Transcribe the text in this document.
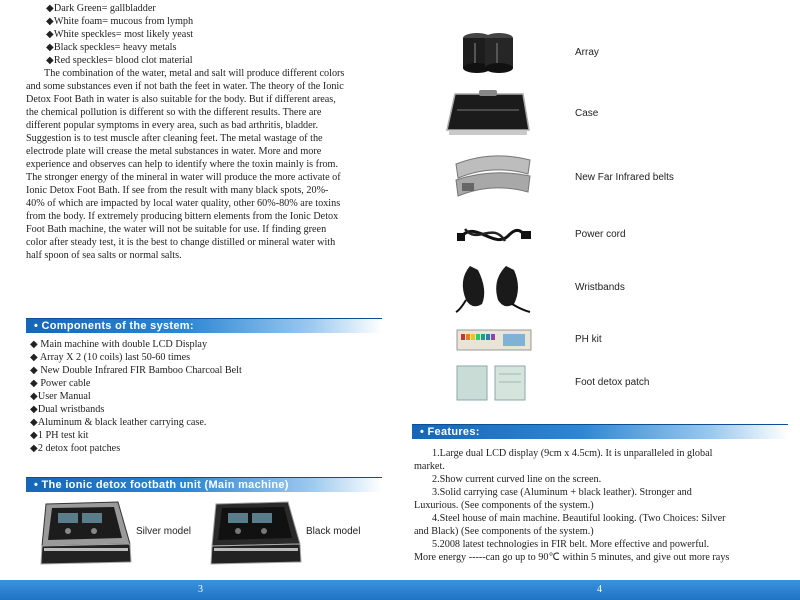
◆Dark Green= gallbladder
◆White foam= mucous from lymph
◆White speckles= most likely yeast
◆Black speckles= heavy metals
◆Red speckles= blood clot material
The combination of the water, metal and salt will produce different colors
and some substances even if not bath the feet in water. The theory of the Ionic
Detox Foot Bath in water is also suitable for the body. But if different areas,
the chemical pollution is different so with the different results. There are
different popular symptoms in every area, such as bad arthritis, bladder.
Suggestion is to test muscle after cleaning feet. The metal wastage of the
electrode plate will crease the metal substances in water. More and more
experience and observes can help to identify where the toxin mainly is from.
The stronger energy of the mineral in water will produce the more activate of
Ionic Detox Foot Bath. If see from the result with many black spots, 20%-
40% of which are impacted by local water quality, other 60%-80% are toxins
from the body. If extremely producing bittern elements from the Ionic Detox
Foot Bath machine, the water will not be suitable for use. If finding green
color after steady test, it is the best to change distilled or mineral water with
half spoon of sea salts or normal salts.
• Components of the system:
◆ Main machine with double LCD Display
◆ Array X 2 (10 coils) last 50-60 times
◆ New Double Infrared FIR Bamboo Charcoal Belt
◆ Power cable
◆User Manual
◆Dual wristbands
◆Aluminum & black leather carrying case.
◆1 PH test kit
◆2 detox foot patches
• The ionic detox footbath unit (Main machine)
Silver model	Black model
Array
Case
New Far Infrared belts
Power cord
Wristbands
PH kit
Foot detox patch
• Features:
1.Large dual LCD display (9cm x 4.5cm). It is unparalleled in global
market.
2.Show current curved line on the screen.
3.Solid carrying case (Aluminum + black leather). Stronger and
Luxurious. (See components of the system.)
4.Steel house of main machine. Beautiful looking. (Two Choices: Silver
and Black) (See components of the system.)
5.2008 latest technologies in FIR belt. More effective and powerful.
More energy -----can go up to 90℃ within 5 minutes, and give out more rays
3	4
